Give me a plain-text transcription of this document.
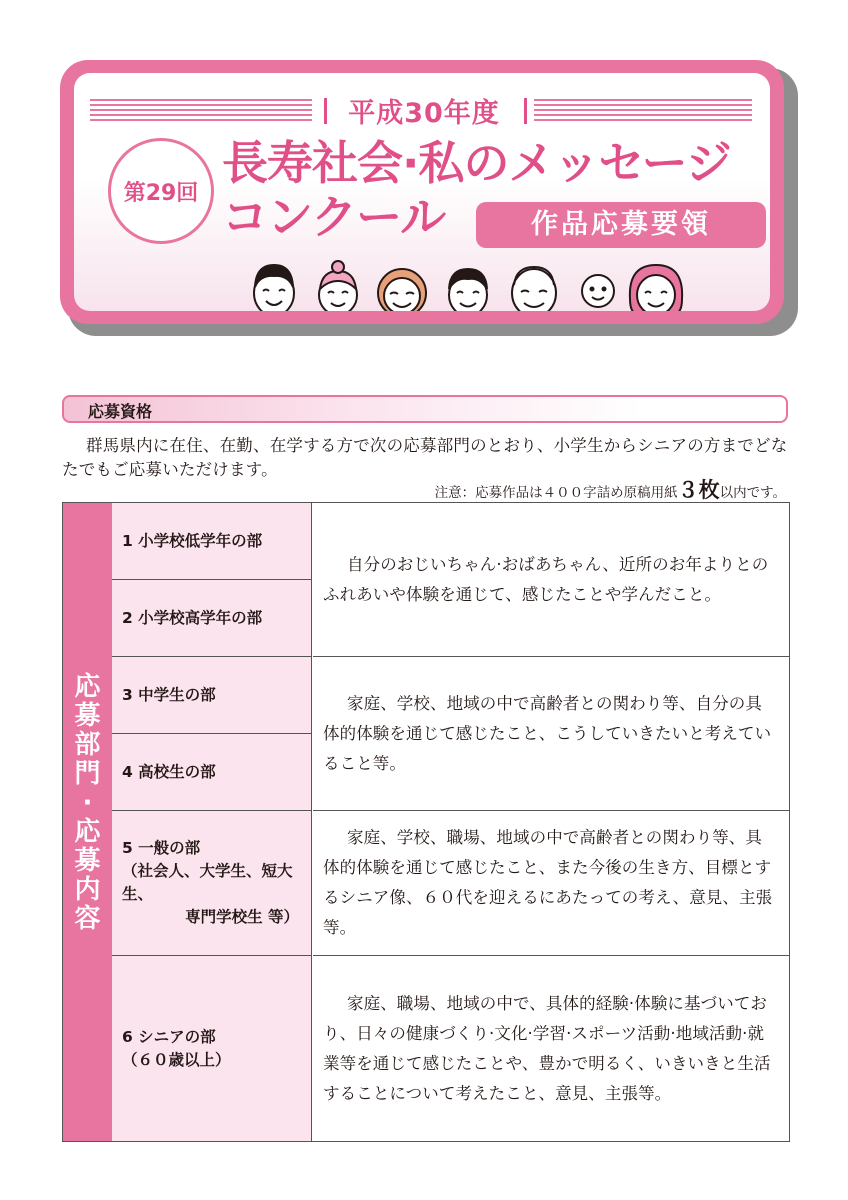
平成30年度
第29回
長寿社会·私のメッセージ
コンクール	作品応募要領
応募資格
群馬県内に在住、在勤、在学する方で次の応募部門のとおり、小学生からシニアの方までどなたでもご応募いただけます。
注意：応募作品は４００字詰め原稿用紙３枚以内です。
応
募
部
門
·
応
募
内
容
1 小学校低学年の部
2 小学校高学年の部
3 中学生の部
4 高校生の部
5 一般の部
（社会人、大学生、短大生、
専門学校生 等）
6 シニアの部
（６０歳以上）

自分のおじいちゃん·おばあちゃん、近所のお年よりとのふれあいや体験を通じて、感じたことや学んだこと。

家庭、学校、地域の中で高齢者との関わり等、自分の具体的体験を通じて感じたこと、こうしていきたいと考えていること等。

家庭、学校、職場、地域の中で高齢者との関わり等、具体的体験を通じて感じたこと、また今後の生き方、目標とするシニア像、６０代を迎えるにあたっての考え、意見、主張等。

家庭、職場、地域の中で、具体的経験·体験に基づいており、日々の健康づくり·文化·学習·スポーツ活動·地域活動·就業等を通じて感じたことや、豊かで明るく、いきいきと生活することについて考えたこと、意見、主張等。
